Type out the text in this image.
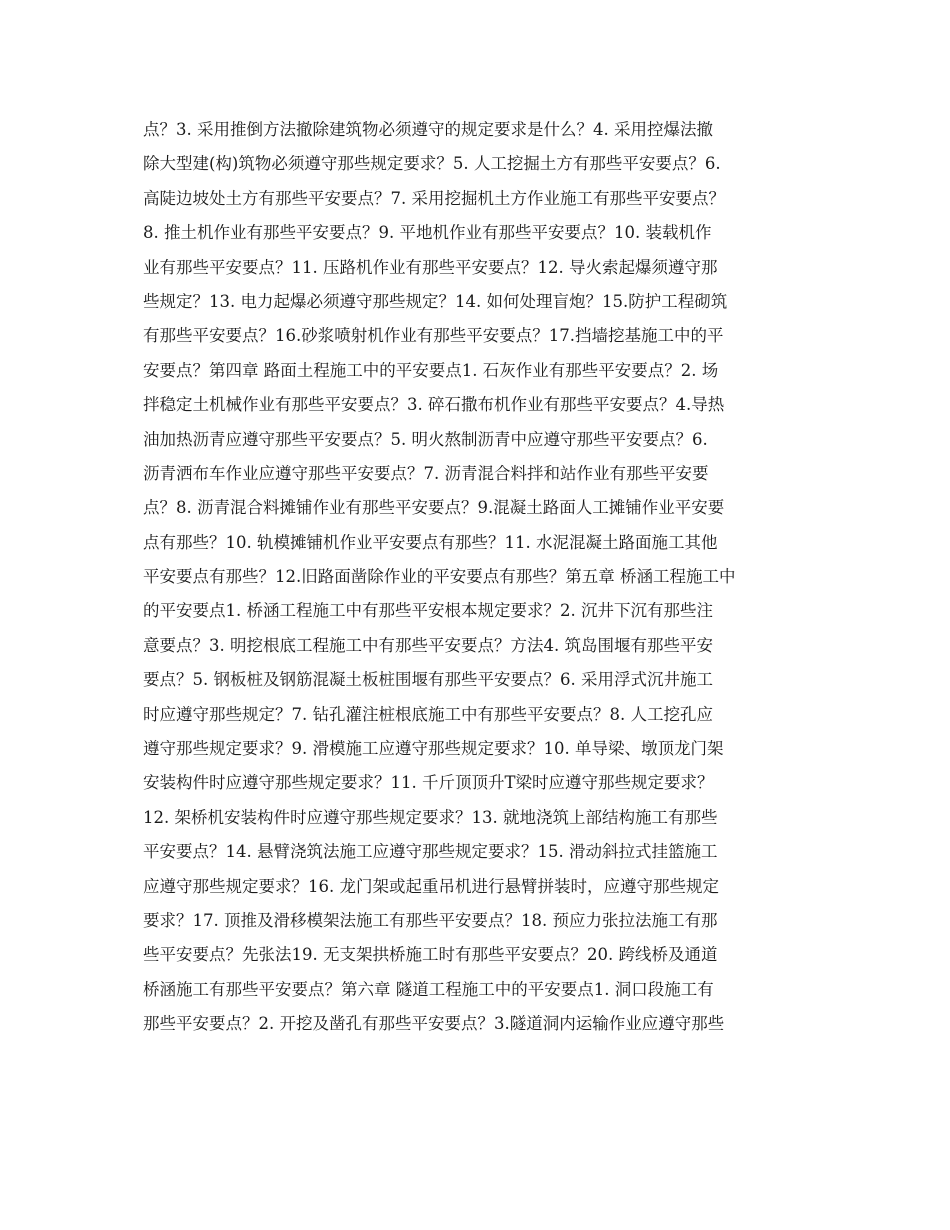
点？3. 采用推倒方法撤除建筑物必须遵守的规定要求是什么？4. 采用控爆法撤
除大型建(构)筑物必须遵守那些规定要求？5. 人工挖掘土方有那些平安要点？6.
高陡边坡处土方有那些平安要点？7. 采用挖掘机土方作业施工有那些平安要点？
8. 推土机作业有那些平安要点？9. 平地机作业有那些平安要点？10. 装载机作
业有那些平安要点？11. 压路机作业有那些平安要点？12. 导火索起爆须遵守那
些规定？13. 电力起爆必须遵守那些规定？14. 如何处理盲炮？15.防护工程砌筑
有那些平安要点？16.砂浆喷射机作业有那些平安要点？17.挡墙挖基施工中的平
安要点？第四章 路面土程施工中的平安要点1. 石灰作业有那些平安要点？2. 场
拌稳定土机械作业有那些平安要点？3. 碎石撒布机作业有那些平安要点？4.导热
油加热沥青应遵守那些平安要点？5. 明火熬制沥青中应遵守那些平安要点？6.
沥青洒布车作业应遵守那些平安要点？7. 沥青混合料拌和站作业有那些平安要
点？8. 沥青混合料摊铺作业有那些平安要点？9.混凝土路面人工摊铺作业平安要
点有那些？10. 轨模摊铺机作业平安要点有那些？11. 水泥混凝土路面施工其他
平安要点有那些？12.旧路面凿除作业的平安要点有那些？第五章 桥涵工程施工中
的平安要点1. 桥涵工程施工中有那些平安根本规定要求？2. 沉井下沉有那些注
意要点？3. 明挖根底工程施工中有那些平安要点？方法4. 筑岛围堰有那些平安
要点？5. 钢板桩及钢筋混凝土板桩围堰有那些平安要点？6. 采用浮式沉井施工
时应遵守那些规定？7. 钻孔灌注桩根底施工中有那些平安要点？8. 人工挖孔应
遵守那些规定要求？9. 滑模施工应遵守那些规定要求？10. 单导梁、墩顶龙门架
安装构件时应遵守那些规定要求？11. 千斤顶顶升T梁时应遵守那些规定要求？
12. 架桥机安装构件时应遵守那些规定要求？13. 就地浇筑上部结构施工有那些
平安要点？14. 悬臂浇筑法施工应遵守那些规定要求？15. 滑动斜拉式挂篮施工
应遵守那些规定要求？16. 龙门架或起重吊机进行悬臂拼装时，应遵守那些规定
要求？17. 顶推及滑移模架法施工有那些平安要点？18. 预应力张拉法施工有那
些平安要点？先张法19. 无支架拱桥施工时有那些平安要点？20. 跨线桥及通道
桥涵施工有那些平安要点？第六章 隧道工程施工中的平安要点1. 洞口段施工有
那些平安要点？2. 开挖及凿孔有那些平安要点？3.隧道洞内运输作业应遵守那些
